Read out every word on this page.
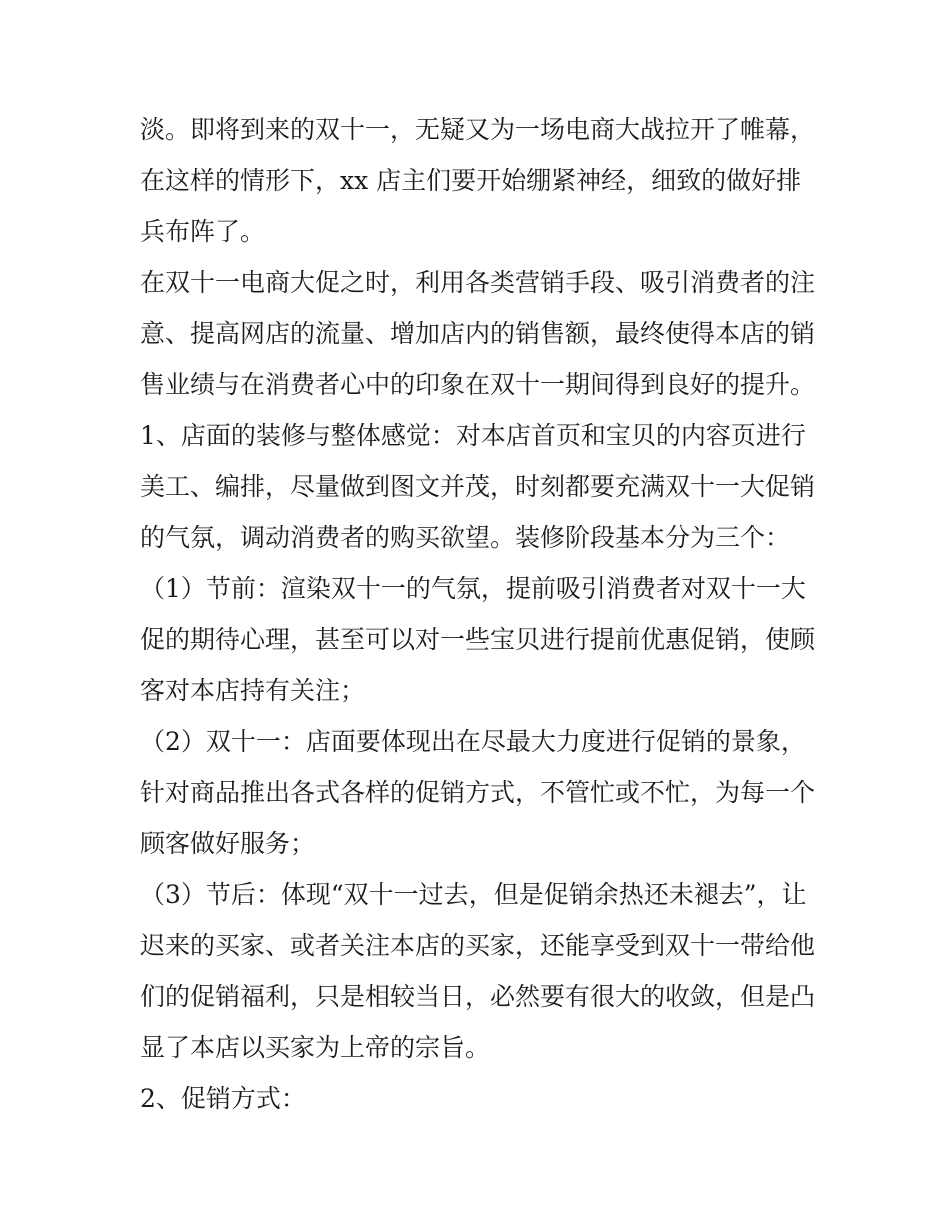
淡。即将到来的双十一，无疑又为一场电商大战拉开了帷幕，
在这样的情形下，xx 店主们要开始绷紧神经，细致的做好排
兵布阵了。
在双十一电商大促之时，利用各类营销手段、吸引消费者的注
意、提高网店的流量、增加店内的销售额，最终使得本店的销
售业绩与在消费者心中的印象在双十一期间得到良好的提升。
1、店面的装修与整体感觉：对本店首页和宝贝的内容页进行
美工、编排，尽量做到图文并茂，时刻都要充满双十一大促销
的气氛，调动消费者的购买欲望。装修阶段基本分为三个：
（1）节前：渲染双十一的气氛，提前吸引消费者对双十一大
促的期待心理，甚至可以对一些宝贝进行提前优惠促销，使顾
客对本店持有关注；
（2）双十一：店面要体现出在尽最大力度进行促销的景象，
针对商品推出各式各样的促销方式，不管忙或不忙，为每一个
顾客做好服务；
（3）节后：体现“双十一过去，但是促销余热还未褪去”，让
迟来的买家、或者关注本店的买家，还能享受到双十一带给他
们的促销福利，只是相较当日，必然要有很大的收敛，但是凸
显了本店以买家为上帝的宗旨。
2、促销方式：
